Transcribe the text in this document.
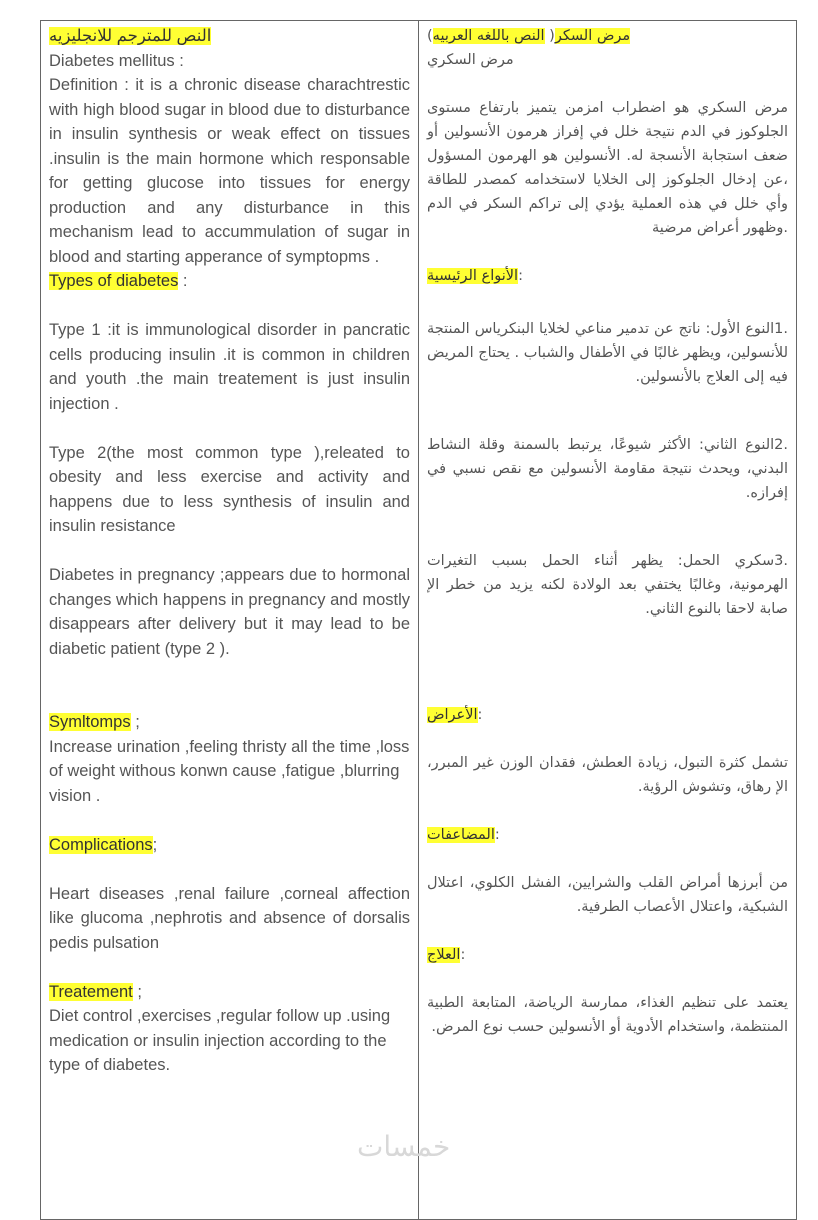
النص للمترجم للانجليزيه

Diabetes mellitus :

Definition : it is a chronic disease charachtrestic with high blood sugar in blood due to disturbance in insulin synthesis or weak effect on tissues .insulin is the main hormone which responsable for getting glucose into tissues for energy production and any disturbance in this mechanism lead to accummulation of sugar in blood and starting apperance of symptopms .

Types of diabetes :

Type 1 :it is immunological disorder in pancratic cells producing insulin .it is common in children and youth .the main treatement is just insulin injection .

Type 2(the most common type ),releated to obesity and less exercise and activity and happens due to less synthesis of insulin and insulin resistance

Diabetes in pregnancy ;appears due to hormonal changes which happens in pregnancy and mostly disappears after delivery but it may lead to be diabetic patient (type 2 ).

Symltomps ;

Increase urination ,feeling thristy all the time ,loss of weight withous konwn cause ,fatigue ,blurring vision .

Complications;

Heart diseases ,renal failure ,corneal affection like glucoma ,nephrotis and absence of dorsalis pedis pulsation

Treatement ;

Diet control ,exercises ,regular follow up .using medication or insulin injection according to the type of diabetes.

(النص باللغه العربيه )مرض السكر

مرض السكري

مرض السكري هو اضطراب امزمن يتميز بارتفاع مستوى الجلوكوز في الدم نتيجة خلل في إفراز هرمون الأنسولين أو ضعف استجابة الأنسجة له. الأنسولين هو الهرمون المسؤول ،عن إدخال الجلوكوز إلى الخلايا لاستخدامه كمصدر للطاقة وأي خلل في هذه العملية يؤدي إلى تراكم السكر في الدم .وظهور أعراض مرضية

الأنواع الرئيسية:

.1النوع الأول: ناتج عن تدمير مناعي لخلايا البنكرياس المنتجة للأنسولين، ويظهر غالبًا في الأطفال والشباب . يحتاج المريض فيه إلى العلاج بالأنسولين.

.2النوع الثاني: الأكثر شيوعًا، يرتبط بالسمنة وقلة النشاط البدني، ويحدث نتيجة مقاومة الأنسولين مع نقص نسبي في إفرازه.

.3سكري الحمل: يظهر أثناء الحمل بسبب التغيرات الهرمونية، وغالبًا يختفي بعد الولادة لكنه يزيد من خطر الإ صابة لاحقا بالنوع الثاني.

الأعراض:

تشمل كثرة التبول، زيادة العطش، فقدان الوزن غير المبرر، الإ رهاق، وتشوش الرؤية.

المضاعفات:

من أبرزها أمراض القلب والشرايين، الفشل الكلوي، اعتلال الشبكية، واعتلال الأعصاب الطرفية.

العلاج:

يعتمد على تنظيم الغذاء، ممارسة الرياضة، المتابعة الطبية المنتظمة، واستخدام الأدوية أو الأنسولين حسب نوع المرض.

خمسات
